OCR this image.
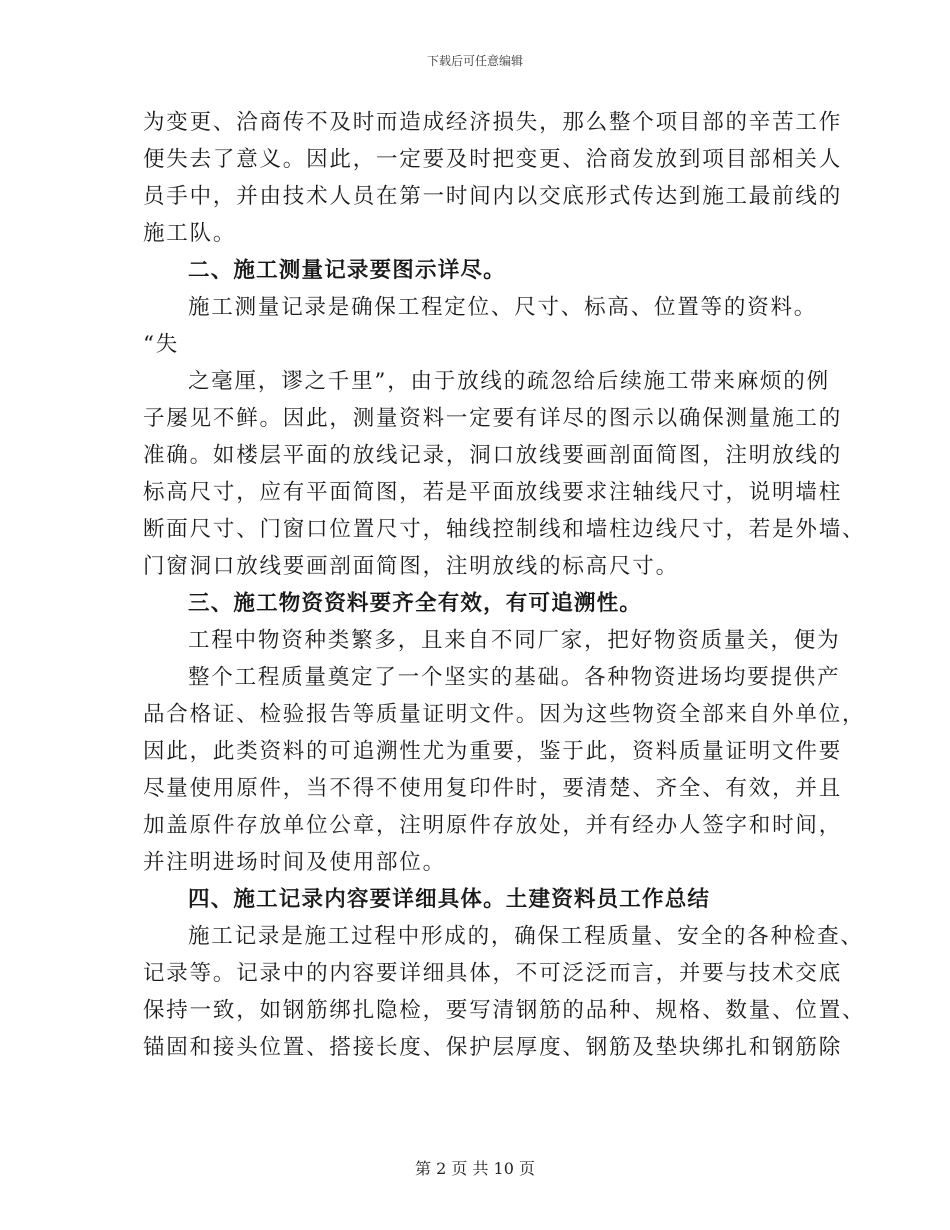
下载后可任意编辑
为变更、洽商传不及时而造成经济损失，那么整个项目部的辛苦工作
便失去了意义。因此，一定要及时把变更、洽商发放到项目部相关人
员手中，并由技术人员在第一时间内以交底形式传达到施工最前线的
施工队。
二、施工测量记录要图示详尽。
施工测量记录是确保工程定位、尺寸、标高、位置等的资料。
“失
之毫厘，谬之千里”，由于放线的疏忽给后续施工带来麻烦的例
子屡见不鲜。因此，测量资料一定要有详尽的图示以确保测量施工的
准确。如楼层平面的放线记录，洞口放线要画剖面简图，注明放线的
标高尺寸，应有平面简图，若是平面放线要求注轴线尺寸，说明墙柱
断面尺寸、门窗口位置尺寸，轴线控制线和墙柱边线尺寸，若是外墙、
门窗洞口放线要画剖面简图，注明放线的标高尺寸。
三、施工物资资料要齐全有效，有可追溯性。
工程中物资种类繁多，且来自不同厂家，把好物资质量关，便为
整个工程质量奠定了一个坚实的基础。各种物资进场均要提供产
品合格证、检验报告等质量证明文件。因为这些物资全部来自外单位，
因此，此类资料的可追溯性尤为重要，鉴于此，资料质量证明文件要
尽量使用原件，当不得不使用复印件时，要清楚、齐全、有效，并且
加盖原件存放单位公章，注明原件存放处，并有经办人签字和时间，
并注明进场时间及使用部位。
四、施工记录内容要详细具体。土建资料员工作总结
施工记录是施工过程中形成的，确保工程质量、安全的各种检查、
记录等。记录中的内容要详细具体，不可泛泛而言，并要与技术交底
保持一致，如钢筋绑扎隐检，要写清钢筋的品种、规格、数量、位置、
锚固和接头位置、搭接长度、保护层厚度、钢筋及垫块绑扎和钢筋除
第 2 页 共 10 页
